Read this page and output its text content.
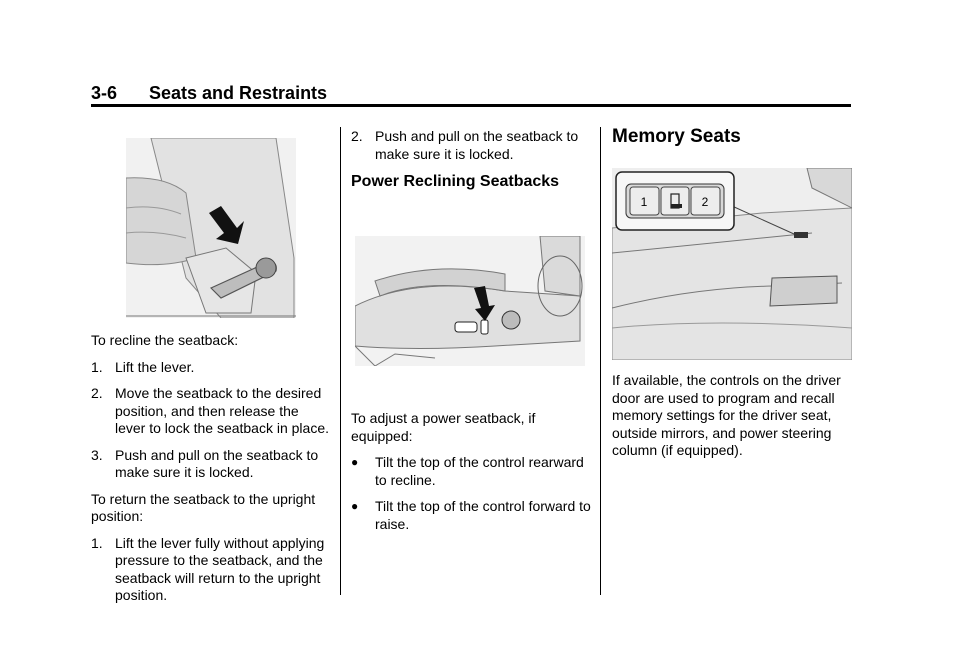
3-6 Seats and Restraints

To recline the seatback:

1. Lift the lever.
2. Move the seatback to the desired position, and then release the lever to lock the seatback in place.
3. Push and pull on the seatback to make sure it is locked.

To return the seatback to the upright position:

1. Lift the lever fully without applying pressure to the seatback, and the seatback will return to the upright position.
2. Push and pull on the seatback to make sure it is locked.

Power Reclining Seatbacks

To adjust a power seatback, if equipped:

●	Tilt the top of the control rearward to recline.
●	Tilt the top of the control forward to raise.

Memory Seats

1	2

If available, the controls on the driver door are used to program and recall memory settings for the driver seat, outside mirrors, and power steering column (if equipped).
